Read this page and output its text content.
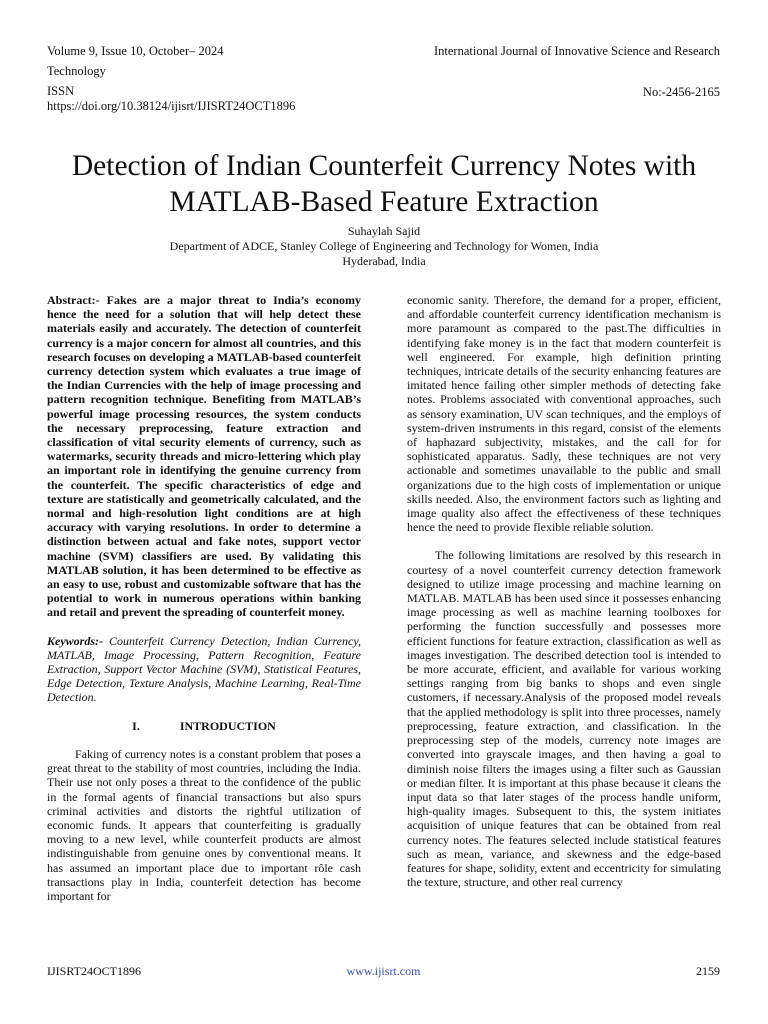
Volume 9, Issue 10, October– 2024
Technology
ISSN
https://doi.org/10.38124/ijisrt/IJISRT24OCT1896
International Journal of Innovative Science and Research
No:-2456-2165
Detection of Indian Counterfeit Currency Notes with MATLAB-Based Feature Extraction
Suhaylah Sajid
Department of ADCE, Stanley College of Engineering and Technology for Women, India
Hyderabad, India

Abstract:- Fakes are a major threat to India’s economy hence the need for a solution that will help detect these materials easily and accurately. The detection of counterfeit currency is a major concern for almost all countries, and this research focuses on developing a MATLAB-based counterfeit currency detection system which evaluates a true image of the Indian Currencies with the help of image processing and pattern recognition technique. Benefiting from MATLAB’s powerful image processing resources, the system conducts the necessary preprocessing, feature extraction and classification of vital security elements of currency, such as watermarks, security threads and micro-lettering which play an important role in identifying the genuine currency from the counterfeit. The specific characteristics of edge and texture are statistically and geometrically calculated, and the normal and high-resolution light conditions are at high accuracy with varying resolutions. In order to determine a distinction between actual and fake notes, support vector machine (SVM) classifiers are used. By validating this MATLAB solution, it has been determined to be effective as an easy to use, robust and customizable software that has the potential to work in numerous operations within banking and retail and prevent the spreading of counterfeit money.

Keywords:- Counterfeit Currency Detection, Indian Currency, MATLAB, Image Processing, Pattern Recognition, Feature Extraction, Support Vector Machine (SVM), Statistical Features, Edge Detection, Texture Analysis, Machine Learning, Real-Time Detection.

I.	INTRODUCTION

Faking of currency notes is a constant problem that poses a great threat to the stability of most countries, including the India. Their use not only poses a threat to the confidence of the public in the formal agents of financial transactions but also spurs criminal activities and distorts the rightful utilization of economic funds. It appears that counterfeiting is gradually moving to a new level, while counterfeit products are almost indistinguishable from genuine ones by conventional means. It has assumed an important place due to important rôle cash transactions play in India, counterfeit detection has become important for

economic sanity. Therefore, the demand for a proper, efficient, and affordable counterfeit currency identification mechanism is more paramount as compared to the past.The difficulties in identifying fake money is in the fact that modern counterfeit is well engineered. For example, high definition printing techniques, intricate details of the security enhancing features are imitated hence failing other simpler methods of detecting fake notes. Problems associated with conventional approaches, such as sensory examination, UV scan techniques, and the employs of system-driven instruments in this regard, consist of the elements of haphazard subjectivity, mistakes, and the call for for sophisticated apparatus. Sadly, these techniques are not very actionable and sometimes unavailable to the public and small organizations due to the high costs of implementation or unique skills needed. Also, the environment factors such as lighting and image quality also affect the effectiveness of these techniques hence the need to provide flexible reliable solution.

The following limitations are resolved by this research in courtesy of a novel counterfeit currency detection framework designed to utilize image processing and machine learning on MATLAB. MATLAB has been used since it possesses enhancing image processing as well as machine learning toolboxes for performing the function successfully and possesses more efficient functions for feature extraction, classification as well as images investigation. The described detection tool is intended to be more accurate, efficient, and available for various working settings ranging from big banks to shops and even single customers, if necessary.Analysis of the proposed model reveals that the applied methodology is split into three processes, namely preprocessing, feature extraction, and classification. In the preprocessing step of the models, currency note images are converted into grayscale images, and then having a goal to diminish noise filters the images using a filter such as Gaussian or median filter. It is important at this phase because it cleans the input data so that later stages of the process handle uniform, high-quality images. Subsequent to this, the system initiates acquisition of unique features that can be obtained from real currency notes. The features selected include statistical features such as mean, variance, and skewness and the edge-based features for shape, solidity, extent and eccentricity for simulating the texture, structure, and other real currency

IJISRT24OCT1896	www.ijisrt.com	2159
